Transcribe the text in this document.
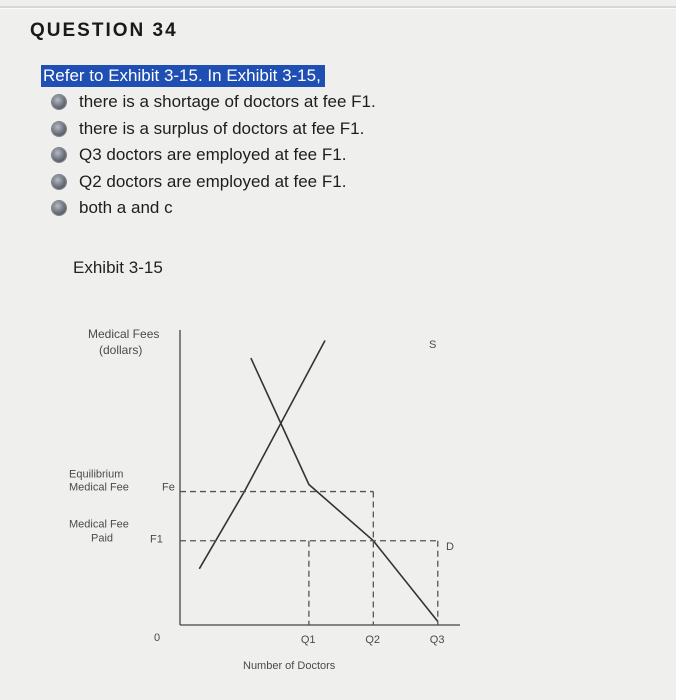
QUESTION 34
Refer to Exhibit 3-15. In Exhibit 3-15,
there is a shortage of doctors at fee F1.
there is a surplus of doctors at fee F1.
Q3 doctors are employed at fee F1.
Q2 doctors are employed at fee F1.
both a and c
Exhibit 3-15
Q1	Q2	Q3
0
Number of Doctors
Fe
F1
Medical Fees
(dollars)
Equilibrium
Medical Fee
Medical Fee
Paid
S
D
